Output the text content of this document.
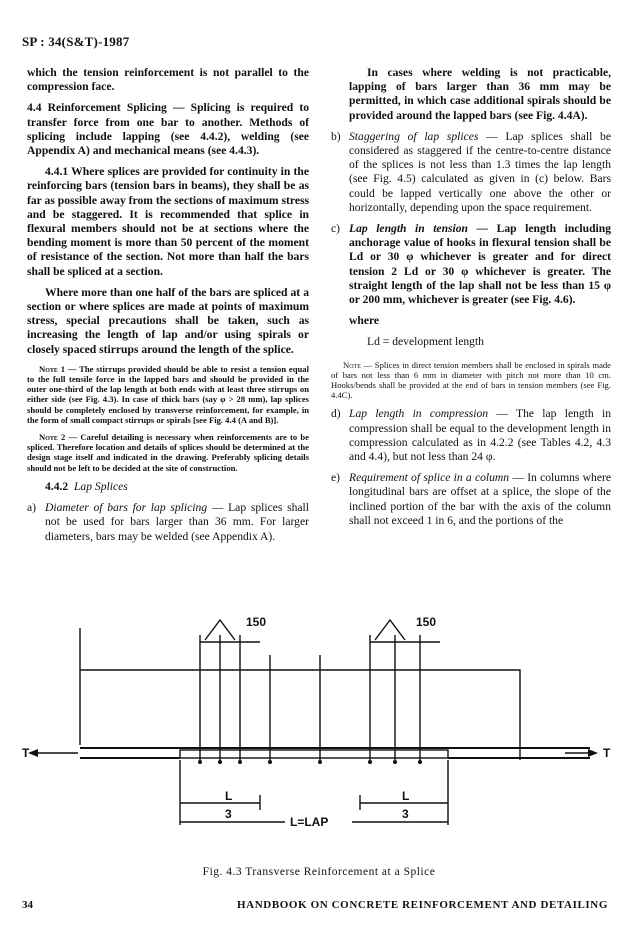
SP : 34(S&T)-1987

which the tension reinforcement is not parallel to the compression face.

4.4 Reinforcement Splicing — Splicing is required to transfer force from one bar to another. Methods of splicing include lapping (see 4.4.2), welding (see Appendix A) and mechanical means (see 4.4.3).

4.4.1 Where splices are provided for continuity in the reinforcing bars (tension bars in beams), they shall be as far as possible away from the sections of maximum stress and be staggered. It is recommended that splice in flexural members should not be at sections where the bending moment is more than 50 percent of the moment of resistance of the section. Not more than half the bars shall be spliced at a section.

Where more than one half of the bars are spliced at a section or where splices are made at points of maximum stress, special precautions shall be taken, such as increasing the length of lap and/or using spirals or closely spaced stirrups around the length of the splice.

Note 1 — The stirrups provided should be able to resist a tension equal to the full tensile force in the lapped bars and should be provided in the outer one-third of the lap length at both ends with at least three stirrups on either side (see Fig. 4.3). In case of thick bars (say φ > 28 mm), lap splices should be completely enclosed by transverse reinforcement, for example, in the form of small compact stirrups or spirals [see Fig. 4.4 (A and B)].

Note 2 — Careful detailing is necessary when reinforcements are to be spliced. Therefore location and details of splices should be determined at the design stage itself and indicated in the drawing. Preferably splicing details should not be left to be decided at the site of construction.

4.4.2 Lap Splices

a) Diameter of bars for lap splicing — Lap splices shall not be used for bars larger than 36 mm. For larger diameters, bars may be welded (see Appendix A).

In cases where welding is not practicable, lapping of bars larger than 36 mm may be permitted, in which case additional spirals should be provided around the lapped bars (see Fig. 4.4A).

b) Staggering of lap splices — Lap splices shall be considered as staggered if the centre-to-centre distance of the splices is not less than 1.3 times the lap length (see Fig. 4.5) calculated as given in (c) below. Bars could be lapped vertically one above the other or horizontally, depending upon the space requirement.
c) Lap length in tension — Lap length including anchorage value of hooks in flexural tension shall be Ld or 30 φ whichever is greater and for direct tension 2 Ld or 30 φ whichever is greater. The straight length of the lap shall not be less than 15 φ or 200 mm, whichever is greater (see Fig. 4.6).

where

Ld = development length

Note — Splices in direct tension members shall be enclosed in spirals made of bars not less than 6 mm in diameter with pitch not more than 10 cm. Hooks/bends shall be provided at the end of bars in tension members (see Fig. 4.4C).

d) Lap length in compression — The lap length in compression shall be equal to the development length in compression calculated as in 4.2.2 (see Tables 4.2, 4.3 and 4.4), but not less than 24 φ.
e) Requirement of splice in a column — In columns where longitudinal bars are offset at a splice, the slope of the inclined portion of the bar with the axis of the column shall not exceed 1 in 6, and the portions of the
150	150
T	T
L
3
L
3
L=LAP
Fig. 4.3 Transverse Reinforcement at a Splice
34	HANDBOOK ON CONCRETE REINFORCEMENT AND DETAILING
